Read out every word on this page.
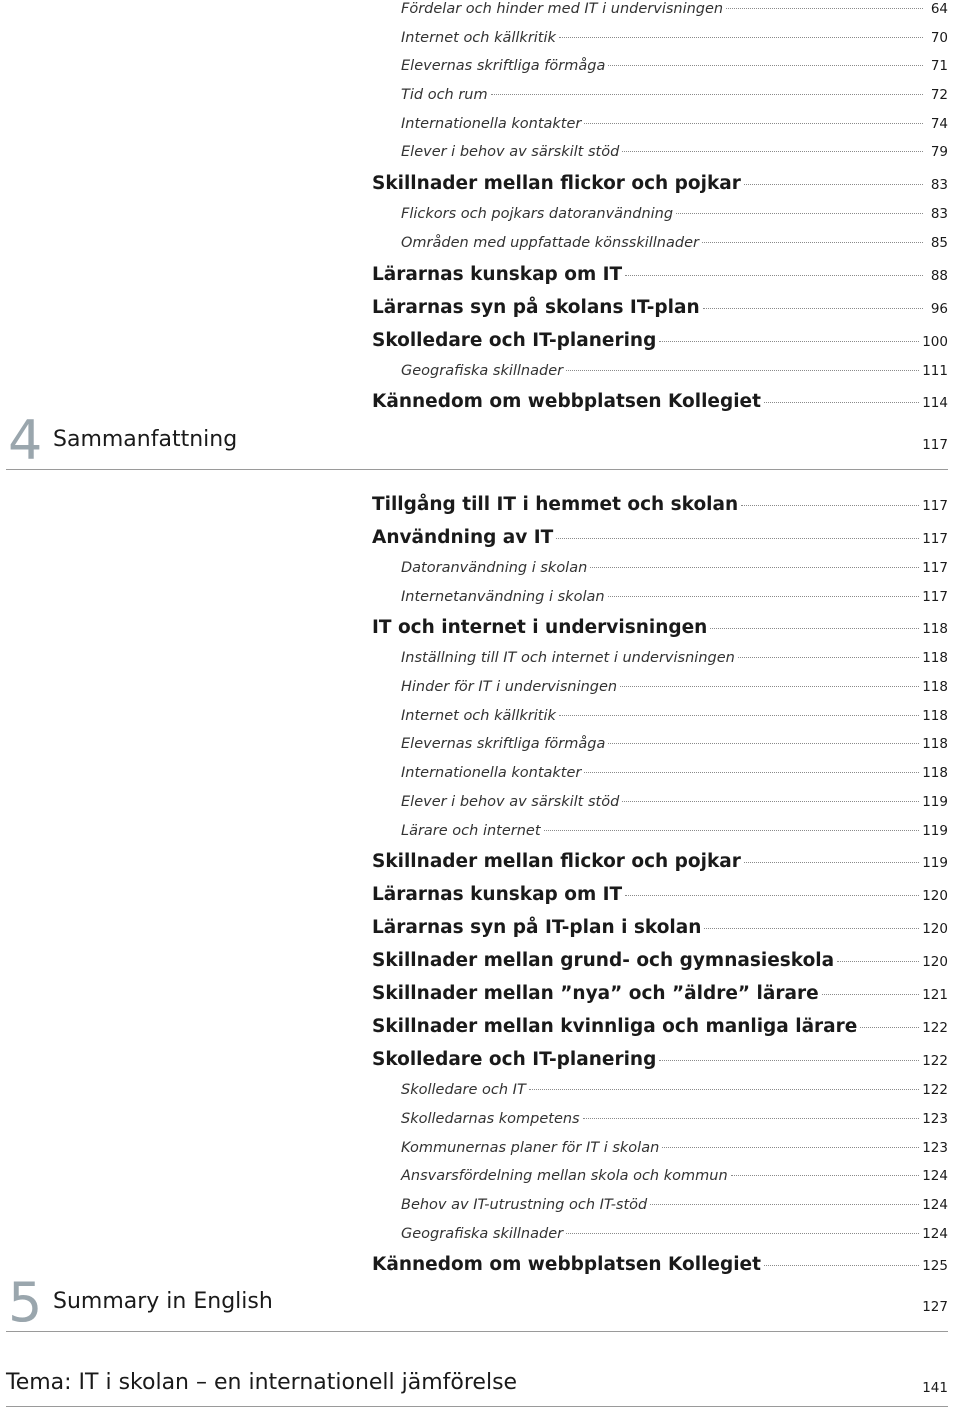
Fördelar och hinder med IT i undervisningen	64
Internet och källkritik	70
Elevernas skriftliga förmåga	71
Tid och rum	72
Internationella kontakter	74
Elever i behov av särskilt stöd	79
Skillnader mellan flickor och pojkar	83
Flickors och pojkars datoranvändning	83
Områden med uppfattade könsskillnader	85
Lärarnas kunskap om IT	88
Lärarnas syn på skolans IT-plan	96
Skolledare och IT-planering	100
Geografiska skillnader	111
Kännedom om webbplatsen Kollegiet	114
4 Sammanfattning	117
Tillgång till IT i hemmet och skolan	117
Användning av IT	117
Datoranvändning i skolan	117
Internetanvändning i skolan	117
IT och internet i undervisningen	118
Inställning till IT och internet i undervisningen	118
Hinder för IT i undervisningen	118
Internet och källkritik	118
Elevernas skriftliga förmåga	118
Internationella kontakter	118
Elever i behov av särskilt stöd	119
Lärare och internet	119
Skillnader mellan flickor och pojkar	119
Lärarnas kunskap om IT	120
Lärarnas syn på IT-plan i skolan	120
Skillnader mellan grund- och gymnasieskola	120
Skillnader mellan ”nya” och ”äldre” lärare	121
Skillnader mellan kvinnliga och manliga lärare	122
Skolledare och IT-planering	122
Skolledare och IT	122
Skolledarnas kompetens	123
Kommunernas planer för IT i skolan	123
Ansvarsfördelning mellan skola och kommun	124
Behov av IT-utrustning och IT-stöd	124
Geografiska skillnader	124
Kännedom om webbplatsen Kollegiet	125
5 Summary in English	127
Tema: IT i skolan – en internationell jämförelse	141
